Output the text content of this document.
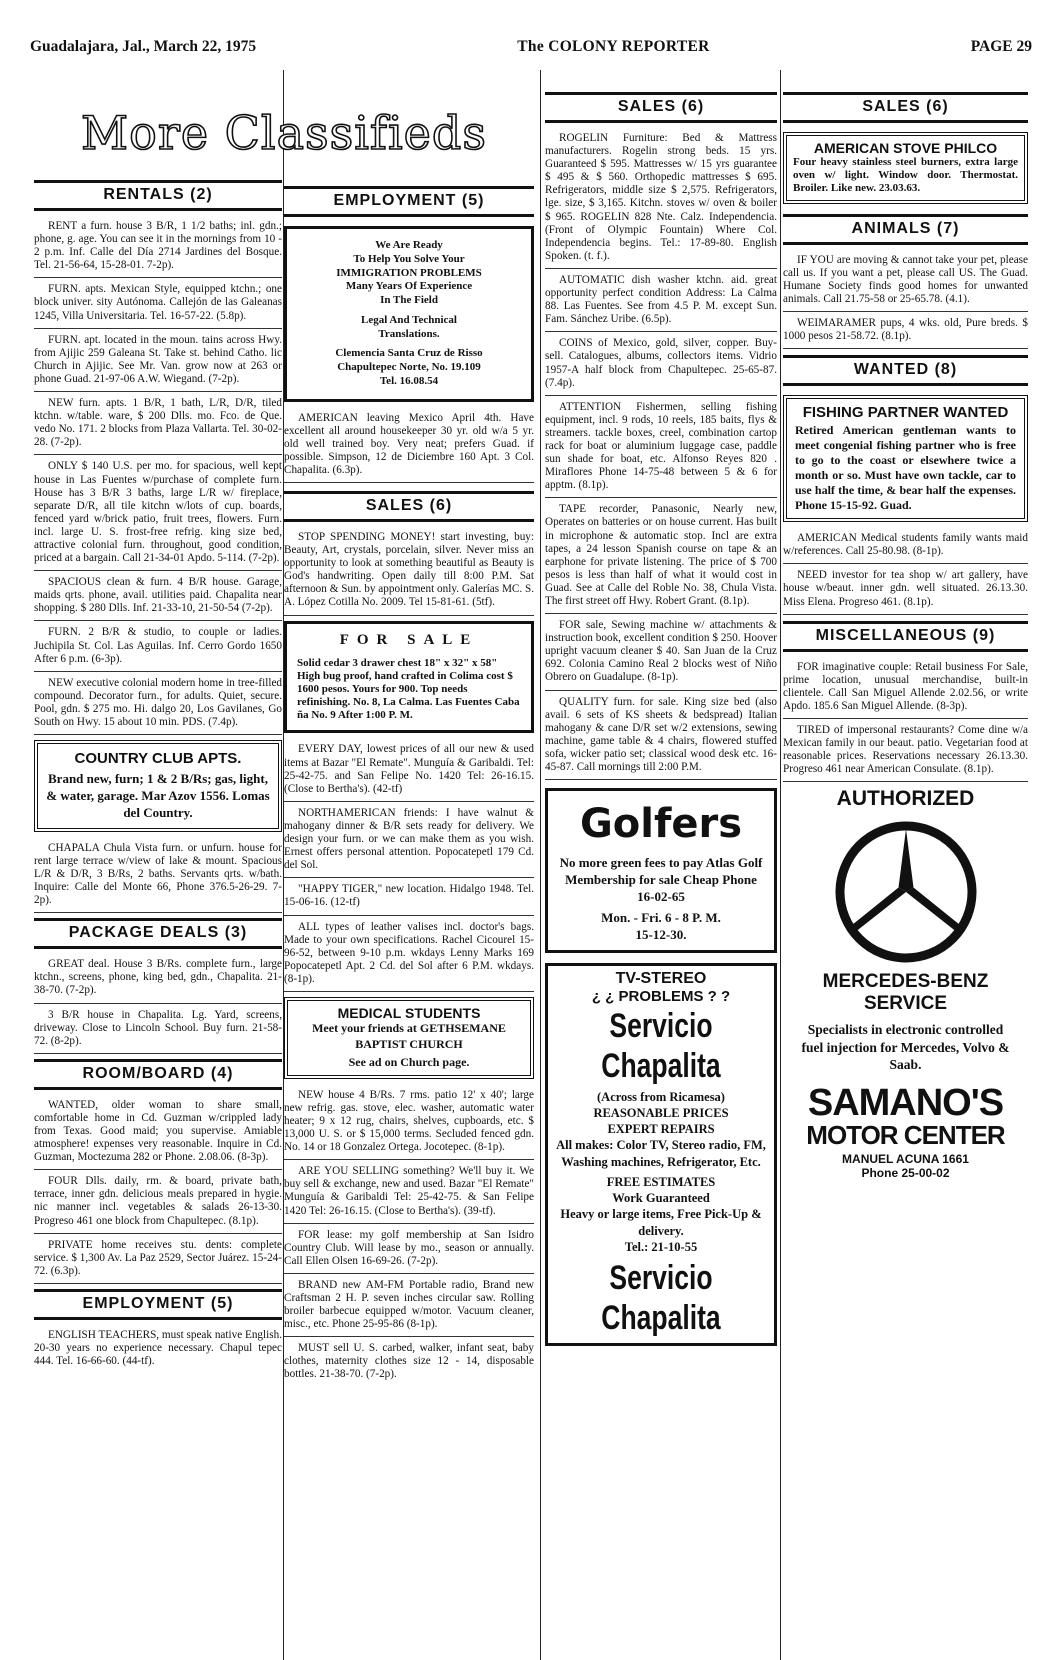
Guadalajara, Jal., March 22, 1975	The COLONY REPORTER	PAGE 29
More Classifieds
RENTALS (2)
RENT a furn. house 3 B/R, 1 1/2 baths; inl. gdn.; phone, g. age. You can see it in the mornings from 10 - 2 p.m. Inf. Calle del Día 2714 Jardines del Bosque. Tel. 21-56-64, 15-28-01. 7-2p).
FURN. apts. Mexican Style, equipped ktchn.; one block univer. sity Autónoma. Callejón de las Galeanas 1245, Villa Universitaria. Tel. 16-57-22. (5.8p).
FURN. apt. located in the moun. tains across Hwy. from Ajijic 259 Galeana St. Take st. behind Catho. lic Church in Ajijic. See Mr. Van. grow now at 263 or phone Guad. 21-97-06 A.W. Wiegand. (7-2p).
NEW furn. apts. 1 B/R, 1 bath, L/R, D/R, tiled ktchn. w/table. ware, $ 200 Dlls. mo. Fco. de Que. vedo No. 171. 2 blocks from Plaza Vallarta. Tel. 30-02-28. (7-2p).
ONLY $ 140 U.S. per mo. for spacious, well kept house in Las Fuentes w/purchase of complete furn. House has 3 B/R 3 baths, large L/R w/ fireplace, separate D/R, all tile kitchn w/lots of cup. boards, fenced yard w/brick patio, fruit trees, flowers. Furn. incl. large U. S. frost-free refrig. king size bed, attractive colonial furn. throughout, good condition, priced at a bargain. Call 21-34-01 Apdo. 5-114. (7-2p).
SPACIOUS clean & furn. 4 B/R house. Garage, maids qrts. phone, avail. utilities paid. Chapalita near shopping. $ 280 Dlls. Inf. 21-33-10, 21-50-54 (7-2p).
FURN. 2 B/R & studio, to couple or ladies. Juchipila St. Col. Las Aguilas. Inf. Cerro Gordo 1650 After 6 p.m. (6-3p).
NEW executive colonial modern home in tree-filled compound. Decorator furn., for adults. Quiet, secure. Pool, gdn. $ 275 mo. Hi. dalgo 20, Los Gavilanes, Go South on Hwy. 15 about 10 min. PDS. (7.4p).
COUNTRY CLUB APTS.
Brand new, furn; 1 & 2 B/Rs; gas, light, & water, garage. Mar Azov 1556. Lomas del Country.
CHAPALA Chula Vista furn. or unfurn. house for rent large terrace w/view of lake & mount. Spacious L/R & D/R, 3 B/Rs, 2 baths. Servants qrts. w/bath. Inquire: Calle del Monte 66, Phone 376.5-26-29. 7-2p).
PACKAGE DEALS (3)
GREAT deal. House 3 B/Rs. complete furn., large ktchn., screens, phone, king bed, gdn., Chapalita. 21-38-70. (7-2p).
3 B/R house in Chapalita. Lg. Yard, screens, driveway. Close to Lincoln School. Buy furn. 21-58-72. (8-2p).
ROOM/BOARD (4)
WANTED, older woman to share small, comfortable home in Cd. Guzman w/crippled lady from Texas. Good maid; you supervise. Amiable atmosphere! expenses very reasonable. Inquire in Cd. Guzman, Moctezuma 282 or Phone. 2.08.06. (8-3p).
FOUR Dlls. daily, rm. & board, private bath, terrace, inner gdn. delicious meals prepared in hygie. nic manner incl. vegetables & salads 26-13-30. Progreso 461 one block from Chapultepec. (8.1p).
PRIVATE home receives stu. dents: complete service. $ 1,300 Av. La Paz 2529, Sector Juárez. 15-24-72. (6.3p).
EMPLOYMENT (5)
ENGLISH TEACHERS, must speak native English. 20-30 years no experience necessary. Chapul tepec 444. Tel. 16-66-60. (44-tf).
EMPLOYMENT (5)
We Are Ready
To Help You Solve Your
IMMIGRATION PROBLEMS
Many Years Of Experience
In The Field
Legal And Technical
Translations.
Clemencia Santa Cruz de Risso
Chapultepec Norte, No. 19.109
Tel. 16.08.54
AMERICAN leaving Mexico April 4th. Have excellent all around housekeeper 30 yr. old w/a 5 yr. old well trained boy. Very neat; prefers Guad. if possible. Simpson, 12 de Diciembre 160 Apt. 3 Col. Chapalita. (6.3p).
SALES (6)
STOP SPENDING MONEY! start investing, buy: Beauty, Art, crystals, porcelain, silver. Never miss an opportunity to look at something beautiful as Beauty is God's handwriting. Open daily till 8:00 P.M. Sat afternoon & Sun. by appointment only. Galerías MC. S. A. López Cotilla No. 2009. Tel 15-81-61. (5tf).
FOR SALE
Solid cedar 3 drawer chest 18" x 32" x 58" High bug proof, hand crafted in Colima cost $ 1600 pesos. Yours for 900. Top needs refinishing. No. 8, La Calma. Las Fuentes Caba ña No. 9 After 1:00 P. M.
EVERY DAY, lowest prices of all our new & used items at Bazar "El Remate". Munguía & Garibaldi. Tel: 25-42-75. and San Felipe No. 1420 Tel: 26-16.15. (Close to Bertha's). (42-tf)
NORTHAMERICAN friends: I have walnut & mahogany dinner & B/R sets ready for delivery. We design your furn. or we can make them as you wish. Ernest offers personal attention. Popocatepetl 179 Cd. del Sol.
"HAPPY TIGER," new location. Hidalgo 1948. Tel. 15-06-16. (12-tf)
ALL types of leather valises incl. doctor's bags. Made to your own specifications. Rachel Cicourel 15-96-52, between 9-10 p.m. wkdays Lenny Marks 169 Popocatepetl Apt. 2 Cd. del Sol after 6 P.M. wkdays. (8-1p).
MEDICAL STUDENTS
Meet your friends at GETHSEMANE BAPTIST CHURCH
See ad on Church page.
NEW house 4 B/Rs. 7 rms. patio 12' x 40'; large new refrig. gas. stove, elec. washer, automatic water heater; 9 x 12 rug, chairs, shelves, cupboards, etc. $ 13,000 U. S. or $ 15,000 terms. Secluded fenced gdn. No. 14 or 18 Gonzalez Ortega. Jocotepec. (8-1p).
ARE YOU SELLING something? We'll buy it. We buy sell & exchange, new and used. Bazar "El Remate" Munguía & Garibaldi Tel: 25-42-75. & San Felipe 1420 Tel: 26-16.15. (Close to Bertha's). (39-tf).
FOR lease: my golf membership at San Isidro Country Club. Will lease by mo., season or annually. Call Ellen Olsen 16-69-26. (7-2p).
BRAND new AM-FM Portable radio, Brand new Craftsman 2 H. P. seven inches circular saw. Rolling broiler barbecue equipped w/motor. Vacuum cleaner, misc., etc. Phone 25-95-86 (8-1p).
MUST sell U. S. carbed, walker, infant seat, baby clothes, maternity clothes size 12 - 14, disposable bottles. 21-38-70. (7-2p).
SALES (6)
ROGELIN Furniture: Bed & Mattress manufacturers. Rogelin strong beds. 15 yrs. Guaranteed $ 595. Mattresses w/ 15 yrs guarantee $ 495 & $ 560. Orthopedic mattresses $ 695. Refrigerators, middle size $ 2,575. Refrigerators, lge. size, $ 3,165. Kitchn. stoves w/ oven & boiler $ 965. ROGELIN 828 Nte. Calz. Independencia. (Front of Olympic Fountain) Where Col. Independencia begins. Tel.: 17-89-80. English Spoken. (t. f.).
AUTOMATIC dish washer ktchn. aid. great opportunity perfect condition Address: La Calma 88. Las Fuentes. See from 4.5 P. M. except Sun. Fam. Sánchez Uribe. (6.5p).
COINS of Mexico, gold, silver, copper. Buy-sell. Catalogues, albums, collectors items. Vidrio 1957-A half block from Chapultepec. 25-65-87. (7.4p).
ATTENTION Fishermen, selling fishing equipment, incl. 9 rods, 10 reels, 185 baits, flys & streamers. tackle boxes, creel, combination cartop rack for boat or aluminium luggage case, paddle sun shade for boat, etc. Alfonso Reyes 820 . Miraflores Phone 14-75-48 between 5 & 6 for apptm. (8.1p).
TAPE recorder, Panasonic, Nearly new, Operates on batteries or on house current. Has built in microphone & automatic stop. Incl are extra tapes, a 24 lesson Spanish course on tape & an earphone for private listening. The price of $ 700 pesos is less than half of what it would cost in Guad. See at Calle del Roble No. 38, Chula Vista. The first street off Hwy. Robert Grant. (8.1p).
FOR sale, Sewing machine w/ attachments & instruction book, excellent condition $ 250. Hoover upright vacuum cleaner $ 40. San Juan de la Cruz 692. Colonia Camino Real 2 blocks west of Niño Obrero on Guadalupe. (8-1p).
QUALITY furn. for sale. King size bed (also avail. 6 sets of KS sheets & bedspread) Italian mahogany & cane D/R set w/2 extensions, sewing machine, game table & 4 chairs, flowered stuffed sofa, wicker patio set; classical wood desk etc. 16-45-87. Call mornings till 2:00 P.M.
Golfers
No more green fees to pay Atlas Golf Membership for sale Cheap Phone 16-02-65
Mon. - Fri. 6 - 8 P. M.
15-12-30.
TV-STEREO
¿ ¿ PROBLEMS ? ?
Servicio
Chapalita
(Across from Ricamesa)
REASONABLE PRICES
EXPERT REPAIRS
All makes: Color TV, Stereo radio, FM, Washing machines, Refrigerator, Etc.
FREE ESTIMATES
Work Guaranteed
Heavy or large items, Free Pick-Up & delivery.
Tel.: 21-10-55
Servicio
Chapalita
SALES (6)
AMERICAN STOVE PHILCO
Four heavy stainless steel burners, extra large oven w/ light. Window door. Thermostat. Broiler. Like new. 23.03.63.
ANIMALS (7)
IF YOU are moving & cannot take your pet, please call us. If you want a pet, please call US. The Guad. Humane Society finds good homes for unwanted animals. Call 21.75-58 or 25-65.78. (4.1).
WEIMARAMER pups, 4 wks. old, Pure breds. $ 1000 pesos 21-58.72. (8.1p).
WANTED (8)
FISHING PARTNER WANTED
Retired American gentleman wants to meet congenial fishing partner who is free to go to the coast or elsewhere twice a month or so. Must have own tackle, car to use half the time, & bear half the expenses. Phone 15-15-92. Guad.
AMERICAN Medical students family wants maid w/references. Call 25-80.98. (8-1p).
NEED investor for tea shop w/ art gallery, have house w/beaut. inner gdn. well situated. 26.13.30. Miss Elena. Progreso 461. (8.1p).
MISCELLANEOUS (9)
FOR imaginative couple: Retail business For Sale, prime location, unusual merchandise, built-in clientele. Call San Miguel Allende 2.02.56, or write Apdo. 185.6 San Miguel Allende. (8-3p).
TIRED of impersonal restaurants? Come dine w/a Mexican family in our beaut. patio. Vegetarian food at reasonable prices. Reservations necessary 26.13.30. Progreso 461 near American Consulate. (8.1p).
AUTHORIZED
MERCEDES-BENZ SERVICE
Specialists in electronic controlled fuel injection for Mercedes, Volvo & Saab.
SAMANO'S
MOTOR CENTER
MANUEL ACUNA 1661
Phone 25-00-02
